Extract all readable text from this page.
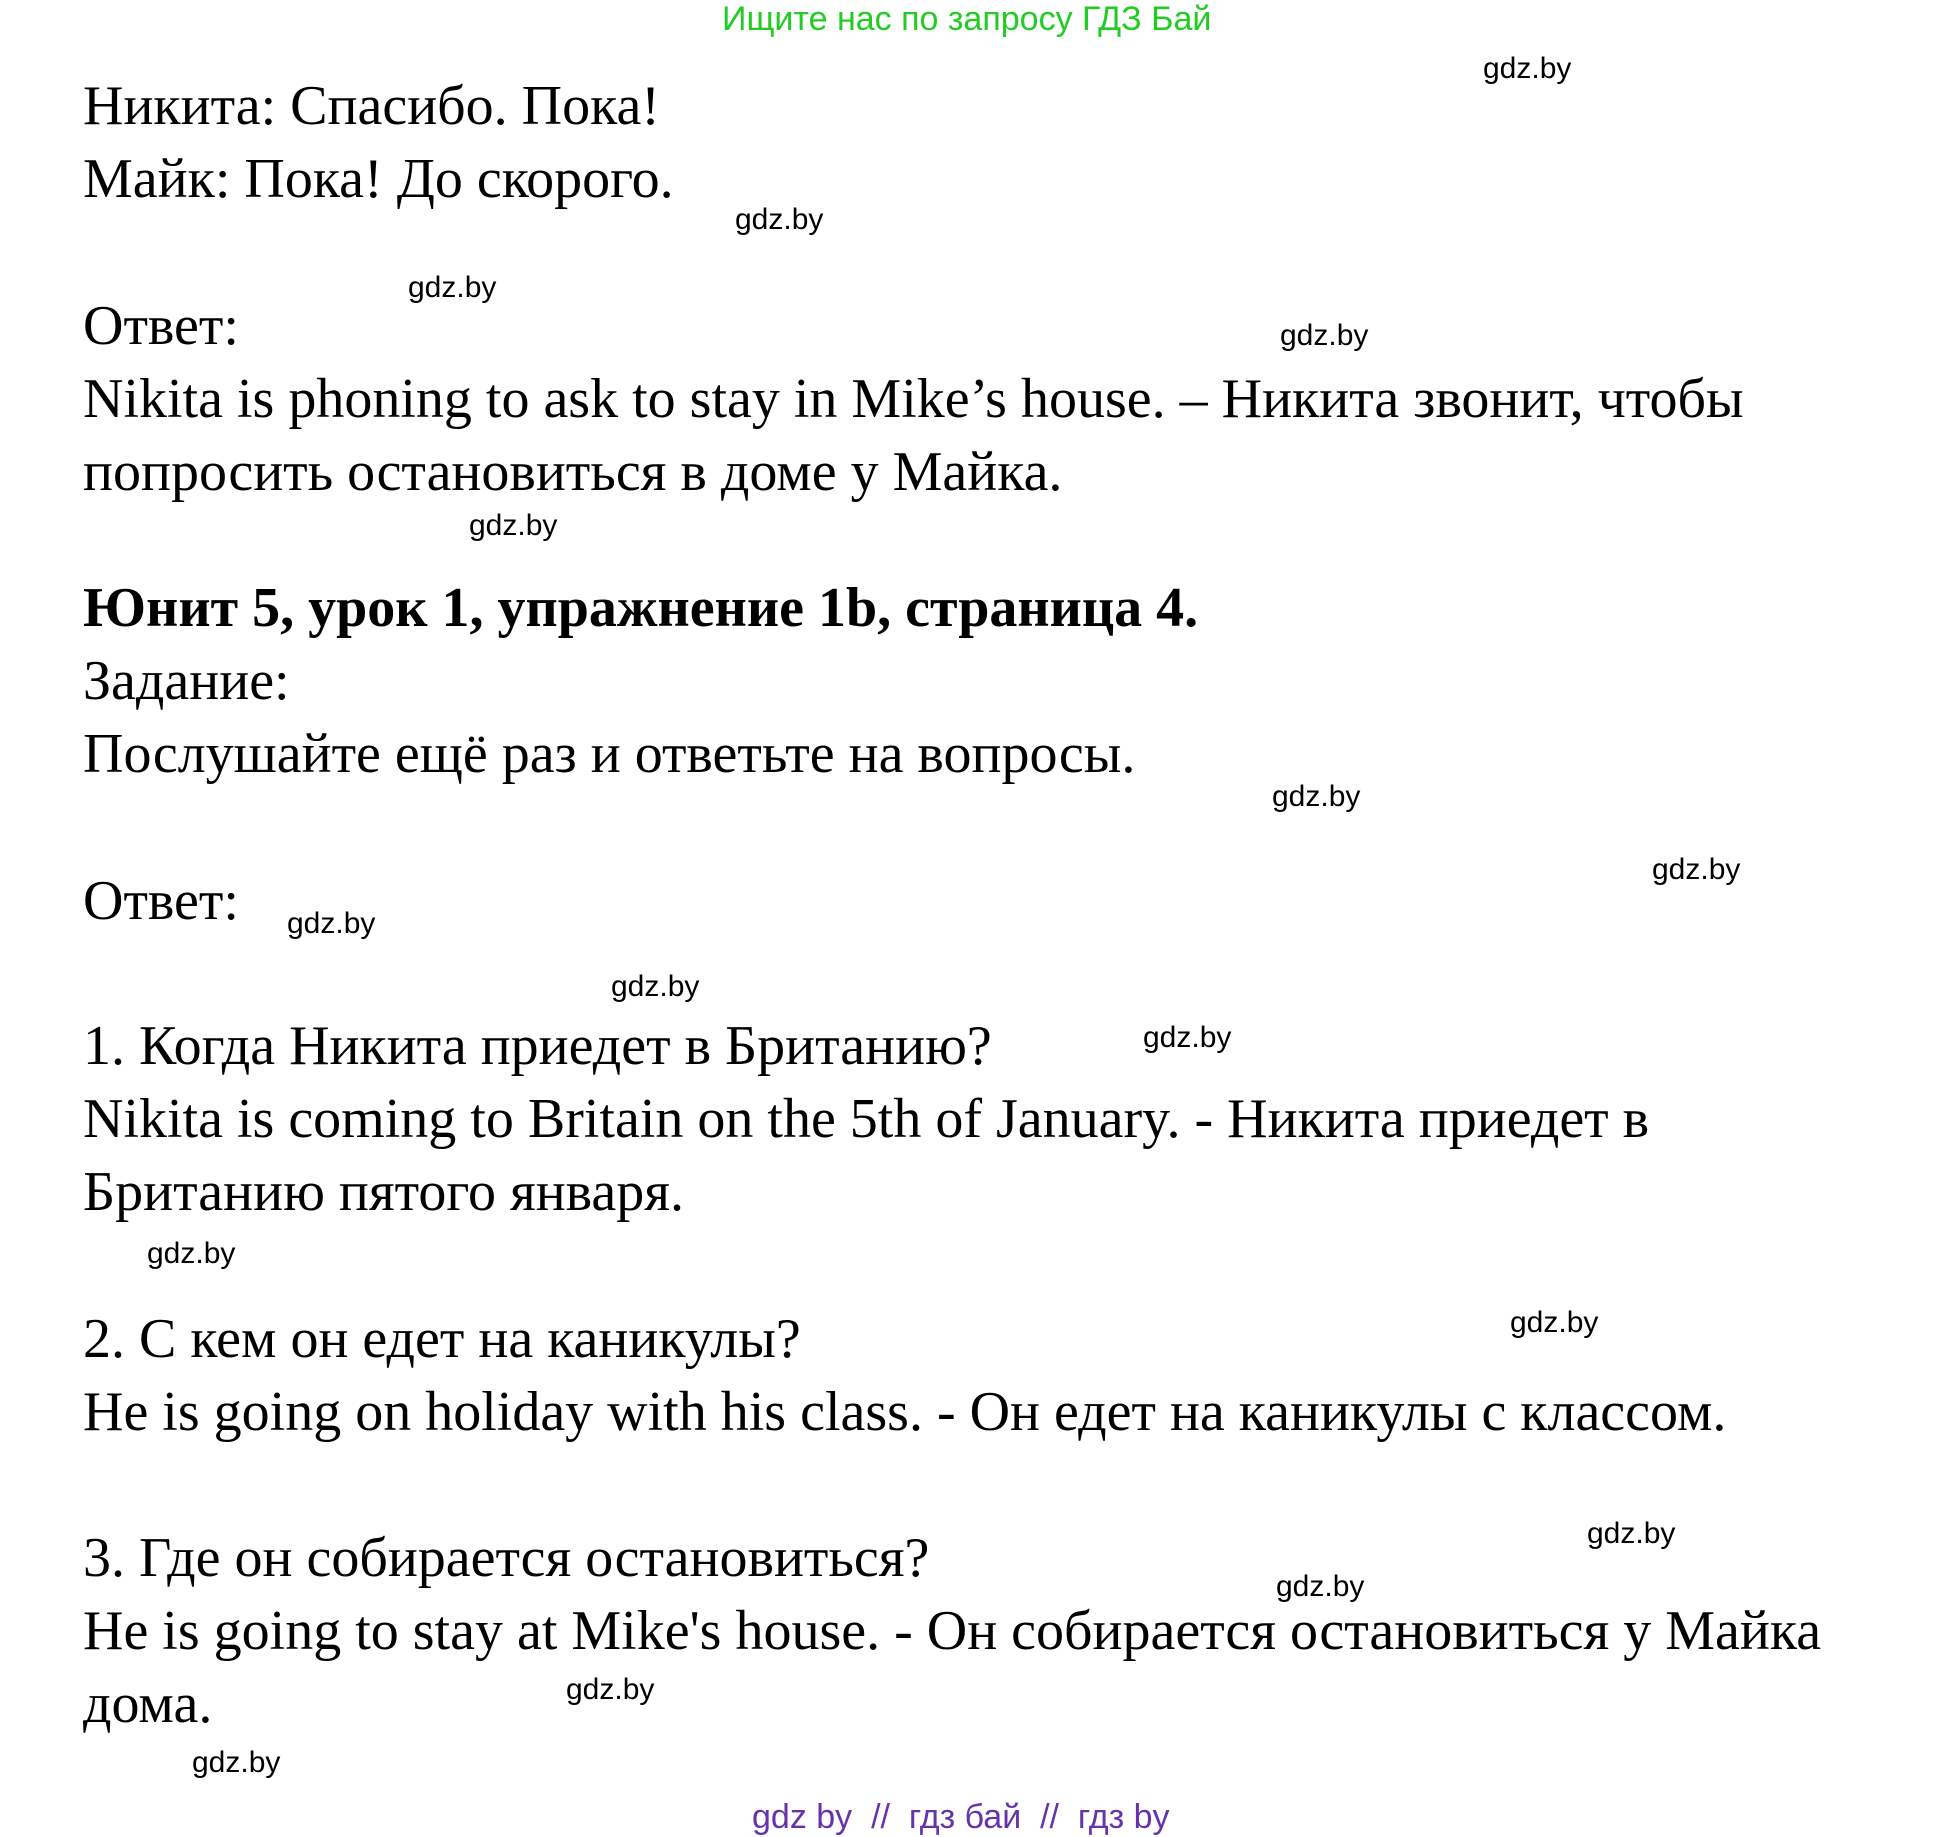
Ищите нас по запросу ГДЗ Бай
Никита: Спасибо. Пока!
Майк: Пока! До скорого.
Ответ:
Nikita is phoning to ask to stay in Mike’s house. – Никита звонит, чтобы
попросить остановиться в доме у Майка.
Юнит 5, урок 1, упражнение 1b, страница 4.
Задание:
Послушайте ещё раз и ответьте на вопросы.
Ответ:
1. Когда Никита приедет в Британию?
Nikita is coming to Britain on the 5th of January. - Никита приедет в
Британию пятого января.
2. С кем он едет на каникулы?
He is going on holiday with his class. - Он едет на каникулы с классом.
3. Где он собирается остановиться?
He is going to stay at Mike's house. - Он собирается остановиться у Майка
дома.
gdz.by
gdz.by
gdz.by
gdz.by
gdz.by
gdz.by
gdz.by
gdz.by
gdz.by
gdz.by
gdz.by
gdz.by
gdz.by
gdz.by
gdz.by
gdz.by
gdz by  //  гдз бай  //  гдз by
